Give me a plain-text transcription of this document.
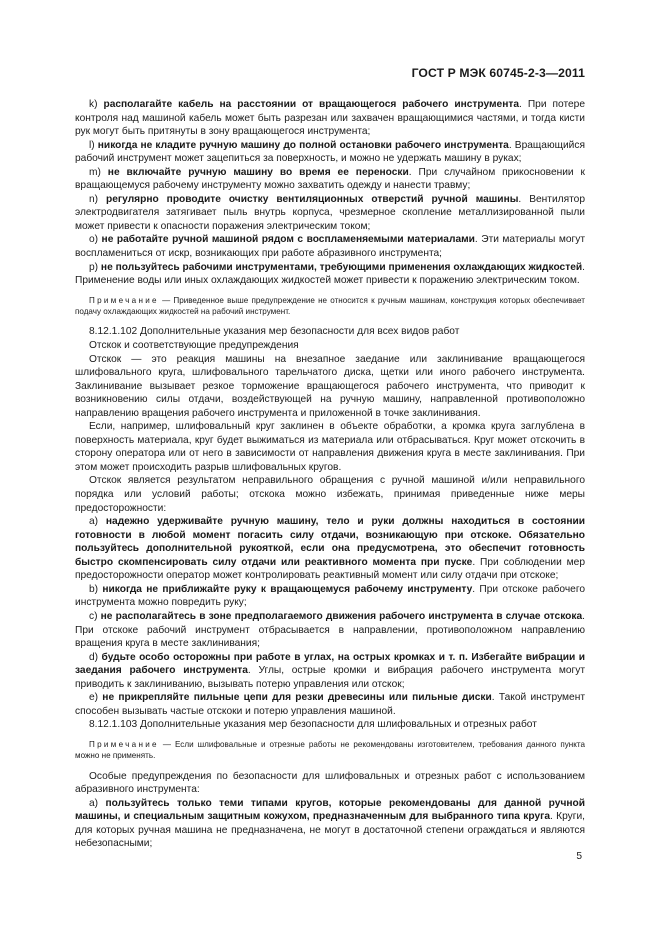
ГОСТ Р МЭК 60745-2-3—2011

k) располагайте кабель на расстоянии от вращающегося рабочего инструмента. При потере контроля над машиной кабель может быть разрезан или захвачен вращающимися частями, и тогда кисти рук могут быть притянуты в зону вращающегося инструмента;

l) никогда не кладите ручную машину до полной остановки рабочего инструмента. Вращающийся рабочий инструмент может зацепиться за поверхность, и можно не удержать машину в руках;

m) не включайте ручную машину во время ее переноски. При случайном прикосновении к вращающемуся рабочему инструменту можно захватить одежду и нанести травму;

n) регулярно проводите очистку вентиляционных отверстий ручной машины. Вентилятор электродвигателя затягивает пыль внутрь корпуса, чрезмерное скопление металлизированной пыли может привести к опасности поражения электрическим током;

o) не работайте ручной машиной рядом с воспламеняемыми материалами. Эти материалы могут воспламениться от искр, возникающих при работе абразивного инструмента;

p) не пользуйтесь рабочими инструментами, требующими применения охлаждающих жидкостей. Применение воды или иных охлаждающих жидкостей может привести к поражению электрическим током.

Примечание — Приведенное выше предупреждение не относится к ручным машинам, конструкция которых обеспечивает подачу охлаждающих жидкостей на рабочий инструмент.

8.12.1.102 Дополнительные указания мер безопасности для всех видов работ

Отскок и соответствующие предупреждения

Отскок — это реакция машины на внезапное заедание или заклинивание вращающегося шлифовального круга, шлифовального тарельчатого диска, щетки или иного рабочего инструмента. Заклинивание вызывает резкое торможение вращающегося рабочего инструмента, что приводит к возникновению силы отдачи, воздействующей на ручную машину, направленной противоположно направлению вращения рабочего инструмента и приложенной в точке заклинивания.

Если, например, шлифовальный круг заклинен в объекте обработки, а кромка круга заглублена в поверхность материала, круг будет выжиматься из материала или отбрасываться. Круг может отскочить в сторону оператора или от него в зависимости от направления движения круга в месте заклинивания. При этом может происходить разрыв шлифовальных кругов.

Отскок является результатом неправильного обращения с ручной машиной и/или неправильного порядка или условий работы; отскока можно избежать, принимая приведенные ниже меры предосторожности:

a) надежно удерживайте ручную машину, тело и руки должны находиться в состоянии готовности в любой момент погасить силу отдачи, возникающую при отскоке. Обязательно пользуйтесь дополнительной рукояткой, если она предусмотрена, это обеспечит готовность быстро скомпенсировать силу отдачи или реактивного момента при пуске. При соблюдении мер предосторожности оператор может контролировать реактивный момент или силу отдачи при отскоке;

b) никогда не приближайте руку к вращающемуся рабочему инструменту. При отскоке рабочего инструмента можно повредить руку;

c) не располагайтесь в зоне предполагаемого движения рабочего инструмента в случае отскока. При отскоке рабочий инструмент отбрасывается в направлении, противоположном направлению вращения круга в месте заклинивания;

d) будьте особо осторожны при работе в углах, на острых кромках и т. п. Избегайте вибрации и заедания рабочего инструмента. Углы, острые кромки и вибрация рабочего инструмента могут приводить к заклиниванию, вызывать потерю управления или отскок;

e) не прикрепляйте пильные цепи для резки древесины или пильные диски. Такой инструмент способен вызывать частые отскоки и потерю управления машиной.

8.12.1.103 Дополнительные указания мер безопасности для шлифовальных и отрезных работ

Примечание — Если шлифовальные и отрезные работы не рекомендованы изготовителем, требования данного пункта можно не применять.

Особые предупреждения по безопасности для шлифовальных и отрезных работ с использованием абразивного инструмента:

a) пользуйтесь только теми типами кругов, которые рекомендованы для данной ручной машины, и специальным защитным кожухом, предназначенным для выбранного типа круга. Круги, для которых ручная машина не предназначена, не могут в достаточной степени ограждаться и являются небезопасными;

5
